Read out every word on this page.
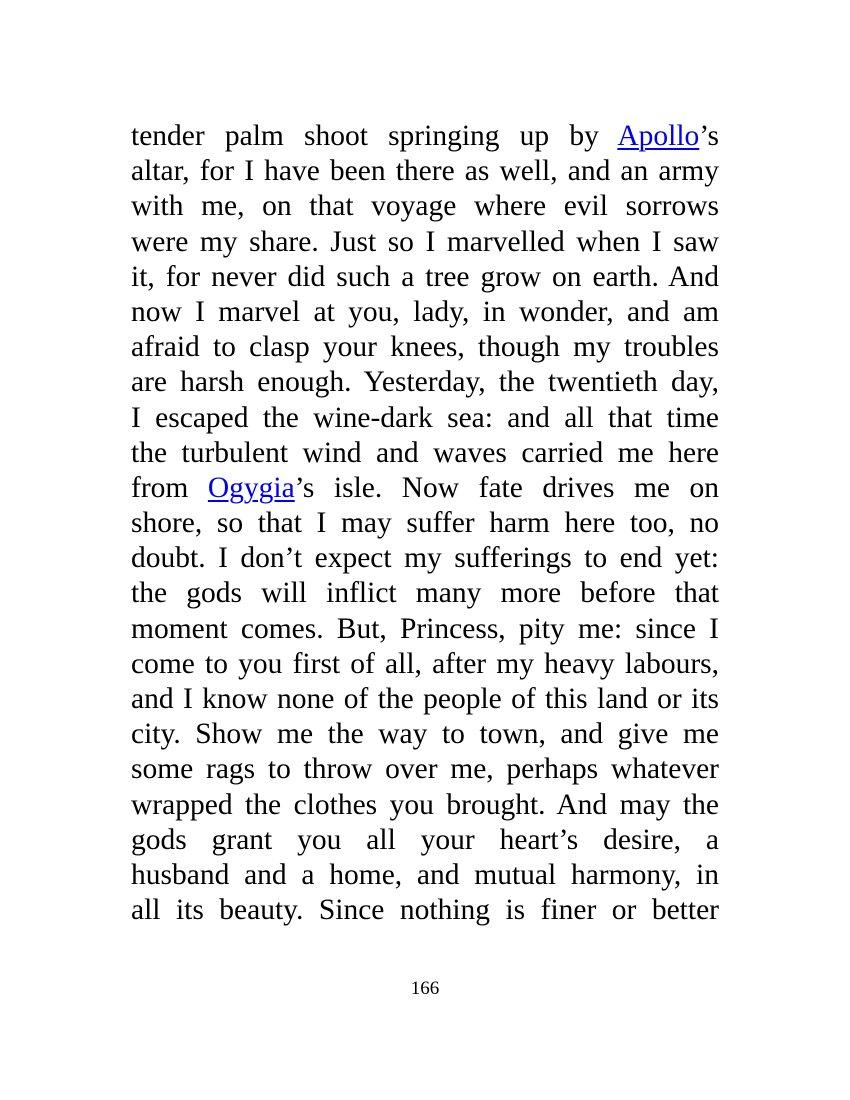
tender palm shoot springing up by Apollo’s
altar, for I have been there as well, and an army
with me, on that voyage where evil sorrows
were my share. Just so I marvelled when I saw
it, for never did such a tree grow on earth. And
now I marvel at you, lady, in wonder, and am
afraid to clasp your knees, though my troubles
are harsh enough. Yesterday, the twentieth day,
I escaped the wine-dark sea: and all that time
the turbulent wind and waves carried me here
from Ogygia’s isle. Now fate drives me on
shore, so that I may suffer harm here too, no
doubt. I don’t expect my sufferings to end yet:
the gods will inflict many more before that
moment comes. But, Princess, pity me: since I
come to you first of all, after my heavy labours,
and I know none of the people of this land or its
city. Show me the way to town, and give me
some rags to throw over me, perhaps whatever
wrapped the clothes you brought. And may the
gods grant you all your heart’s desire, a
husband and a home, and mutual harmony, in
all its beauty. Since nothing is finer or better
166
